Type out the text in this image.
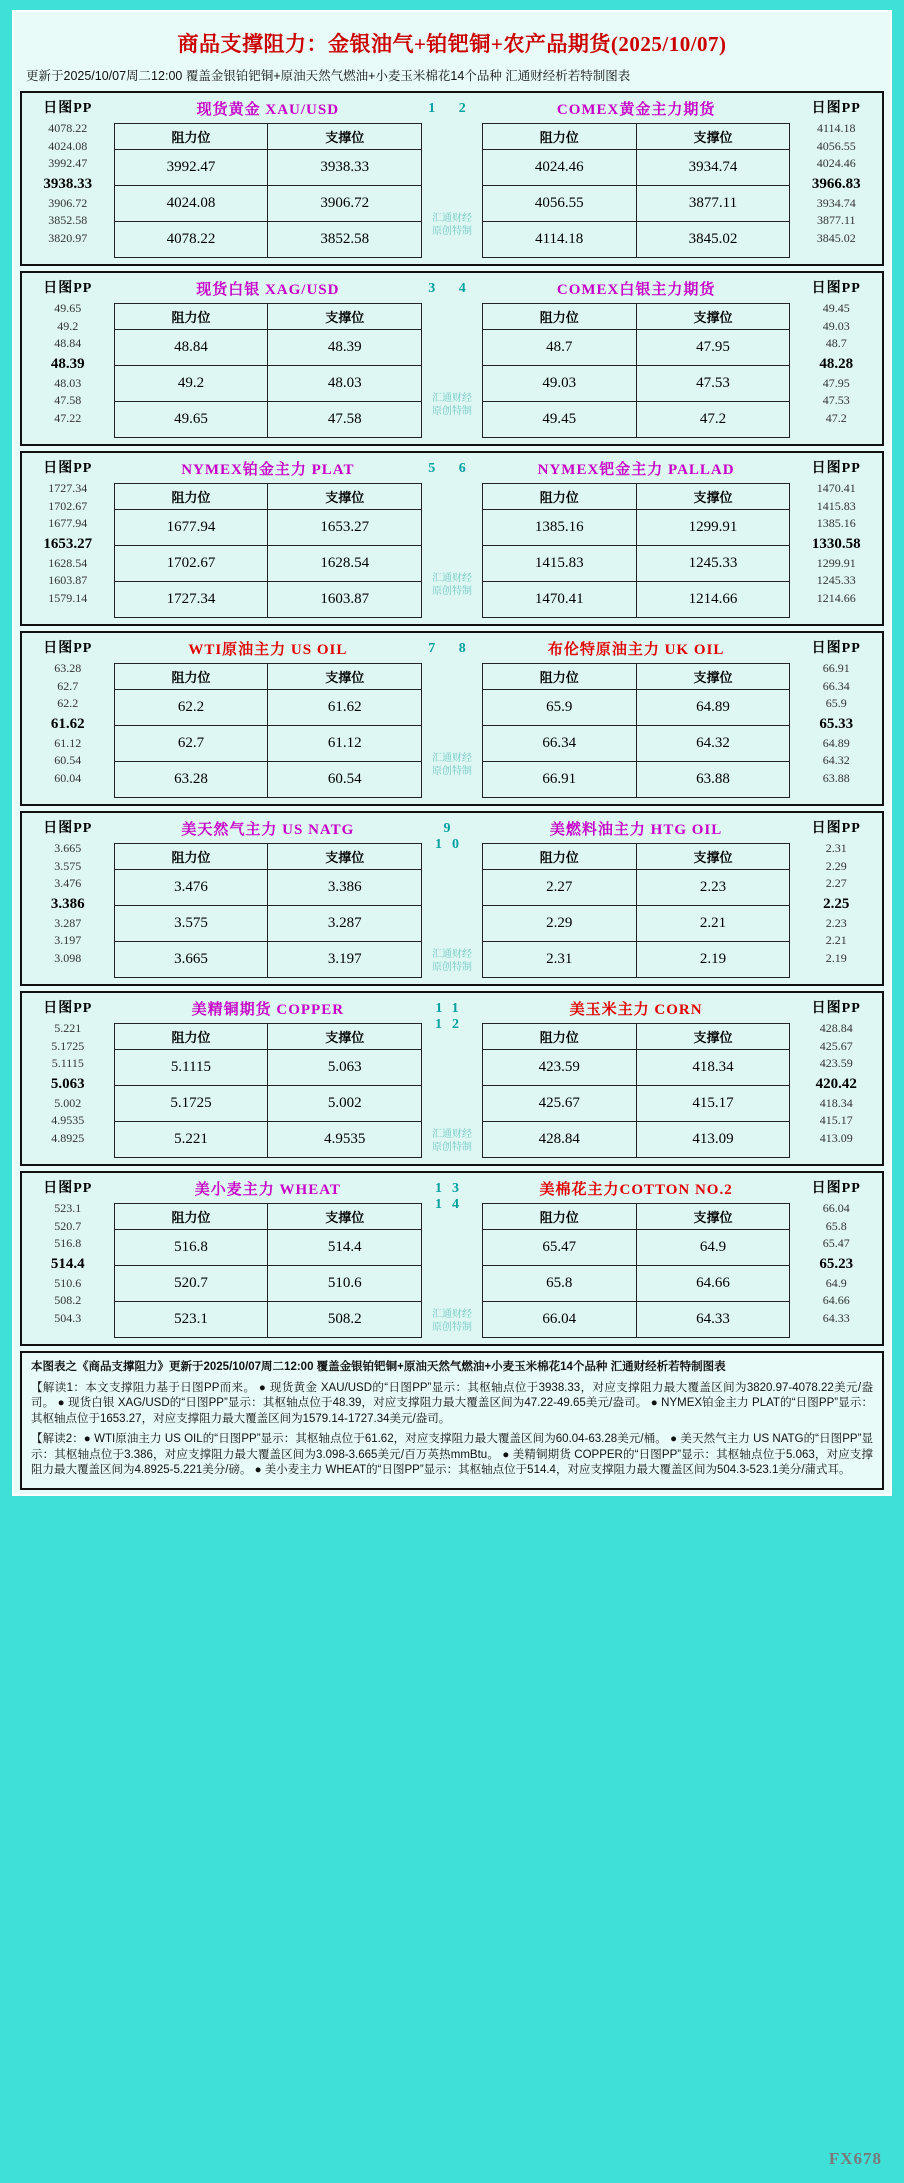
商品支撑阻力：金银油气+铂钯铜+农产品期货(2025/10/07)
更新于2025/10/07周二12:00 覆盖金银铂钯铜+原油天然气燃油+小麦玉米棉花14个品种 汇通财经析若特制图表
日图PP
4078.22
4024.08
3992.47
3938.33
3906.72
3852.58
3820.97

现货黄金 XAU/USD
阻力位	支撑位
3992.47	3938.33
4024.08	3906.72
4078.22	3852.58

1 2
汇通财经
原创特制

COMEX黄金主力期货
阻力位	支撑位
4024.46	3934.74
4056.55	3877.11
4114.18	3845.02

日图PP
4114.18
4056.55
4024.46
3966.83
3934.74
3877.11
3845.02
日图PP
49.65
49.2
48.84
48.39
48.03
47.58
47.22

现货白银 XAG/USD
阻力位	支撑位
48.84	48.39
49.2	48.03
49.65	47.58

3 4
汇通财经
原创特制

COMEX白银主力期货
阻力位	支撑位
48.7	47.95
49.03	47.53
49.45	47.2

日图PP
49.45
49.03
48.7
48.28
47.95
47.53
47.2
日图PP
1727.34
1702.67
1677.94
1653.27
1628.54
1603.87
1579.14

NYMEX铂金主力 PLAT
阻力位	支撑位
1677.94	1653.27
1702.67	1628.54
1727.34	1603.87

5 6
汇通财经
原创特制

NYMEX钯金主力 PALLAD
阻力位	支撑位
1385.16	1299.91
1415.83	1245.33
1470.41	1214.66

日图PP
1470.41
1415.83
1385.16
1330.58
1299.91
1245.33
1214.66
日图PP
63.28
62.7
62.2
61.62
61.12
60.54
60.04

WTI原油主力 US OIL
阻力位	支撑位
62.2	61.62
62.7	61.12
63.28	60.54

7 8
汇通财经
原创特制

布伦特原油主力 UK OIL
阻力位	支撑位
65.9	64.89
66.34	64.32
66.91	63.88

日图PP
66.91
66.34
65.9
65.33
64.89
64.32
63.88
日图PP
3.665
3.575
3.476
3.386
3.287
3.197
3.098

美天然气主力 US NATG
阻力位	支撑位
3.476	3.386
3.575	3.287
3.665	3.197

9 10
汇通财经
原创特制

美燃料油主力 HTG OIL
阻力位	支撑位
2.27	2.23
2.29	2.21
2.31	2.19

日图PP
2.31
2.29
2.27
2.25
2.23
2.21
2.19
日图PP
5.221
5.1725
5.1115
5.063
5.002
4.9535
4.8925

美精铜期货 COPPER
阻力位	支撑位
5.1115	5.063
5.1725	5.002
5.221	4.9535

11 12
汇通财经
原创特制

美玉米主力 CORN
阻力位	支撑位
423.59	418.34
425.67	415.17
428.84	413.09

日图PP
428.84
425.67
423.59
420.42
418.34
415.17
413.09
日图PP
523.1
520.7
516.8
514.4
510.6
508.2
504.3

美小麦主力 WHEAT
阻力位	支撑位
516.8	514.4
520.7	510.6
523.1	508.2

13 14
汇通财经
原创特制

美棉花主力COTTON NO.2
阻力位	支撑位
65.47	64.9
65.8	64.66
66.04	64.33

日图PP
66.04
65.8
65.47
65.23
64.9
64.66
64.33
本图表之《商品支撑阻力》更新于2025/10/07周二12:00 覆盖金银铂钯铜+原油天然气燃油+小麦玉米棉花14个品种 汇通财经析若特制图表
【解读1：本文支撑阻力基于日图PP而来。 ● 现货黄金 XAU/USD的“日图PP”显示：其枢轴点位于3938.33，对应支撑阻力最大覆盖区间为3820.97-4078.22美元/盎司。 ● 现货白银 XAG/USD的“日图PP”显示：其枢轴点位于48.39，对应支撑阻力最大覆盖区间为47.22-49.65美元/盎司。 ● NYMEX铂金主力 PLAT的“日图PP”显示：其枢轴点位于1653.27，对应支撑阻力最大覆盖区间为1579.14-1727.34美元/盎司。
【解读2：● WTI原油主力 US OIL的“日图PP”显示：其枢轴点位于61.62，对应支撑阻力最大覆盖区间为60.04-63.28美元/桶。 ● 美天然气主力 US NATG的“日图PP”显示：其枢轴点位于3.386，对应支撑阻力最大覆盖区间为3.098-3.665美元/百万英热mmBtu。 ● 美精铜期货 COPPER的“日图PP”显示：其枢轴点位于5.063，对应支撑阻力最大覆盖区间为4.8925-5.221美分/磅。 ● 美小麦主力 WHEAT的“日图PP”显示：其枢轴点位于514.4，对应支撑阻力最大覆盖区间为504.3-523.1美分/蒲式耳。
FX678
